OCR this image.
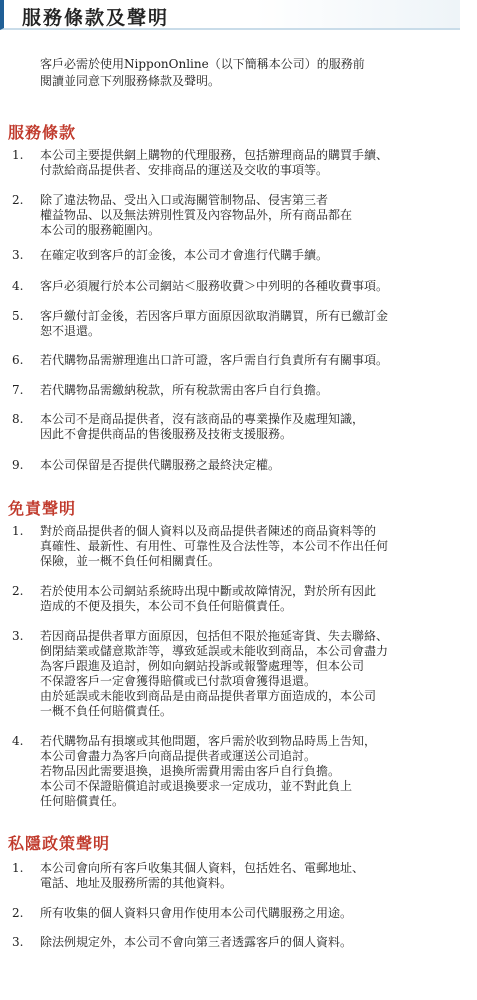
服務條款及聲明

客戶必需於使用NipponOnline（以下簡稱本公司）的服務前
閱讀並同意下列服務條款及聲明。

服務條款
1. 本公司主要提供網上購物的代理服務，包括辦理商品的購買手續、
付款給商品提供者、安排商品的運送及交收的事項等。

2. 除了違法物品、受出入口或海關管制物品、侵害第三者
權益物品、以及無法辨別性質及內容物品外，所有商品都在
本公司的服務範圍內。

3. 在確定收到客戶的訂金後，本公司才會進行代購手續。

4. 客戶必須履行於本公司網站＜服務收費＞中列明的各種收費事項。

5. 客戶繳付訂金後，若因客戶單方面原因欲取消購買，所有已繳訂金
恕不退還。

6. 若代購物品需辦理進出口許可證，客戶需自行負責所有有關事項。

7. 若代購物品需繳納稅款，所有稅款需由客戶自行負擔。

8. 本公司不是商品提供者，沒有該商品的專業操作及處理知識，
因此不會提供商品的售後服務及技術支援服務。

9. 本公司保留是否提供代購服務之最終決定權。

免責聲明
1. 對於商品提供者的個人資料以及商品提供者陳述的商品資料等的
真確性、最新性、有用性、可靠性及合法性等，本公司不作出任何
保險，並一概不負任何相關責任。

2. 若於使用本公司網站系統時出現中斷或故障情況，對於所有因此
造成的不便及損失，本公司不負任何賠償責任。

3. 若因商品提供者單方面原因，包括但不限於拖延寄貨、失去聯絡、
倒閉結業或儲意欺詐等，導致延誤或未能收到商品，本公司會盡力
為客戶跟進及追討，例如向網站投訴或報警處理等，但本公司
不保證客戶一定會獲得賠償或已付款項會獲得退還。
由於延誤或未能收到商品是由商品提供者單方面造成的，本公司
一概不負任何賠償責任。

4. 若代購物品有損壞或其他問題，客戶需於收到物品時馬上告知，
本公司會盡力為客戶向商品提供者或運送公司追討。
若物品因此需要退換，退換所需費用需由客戶自行負擔。
本公司不保證賠償追討或退換要求一定成功，並不對此負上
任何賠償責任。

私隱政策聲明
1. 本公司會向所有客戶收集其個人資料，包括姓名、電郵地址、
電話、地址及服務所需的其他資料。

2. 所有收集的個人資料只會用作使用本公司代購服務之用途。

3. 除法例規定外，本公司不會向第三者透露客戶的個人資料。
